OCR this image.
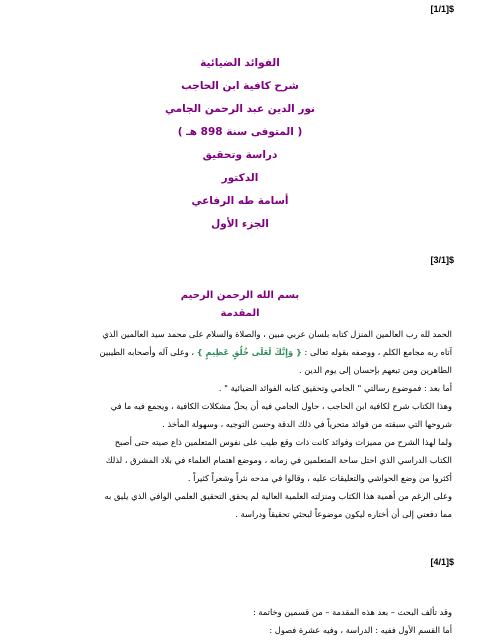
[1/1]$
الفوائد الضيائية
شرح كافية ابن الحاجب
نور الدين عبد الرحمن الجامي
( المتوفى سنة 898 هـ )
دراسة وتحقيق
الدكتور
أسامة طه الرفاعي
الجزء الأول
[3/1]$
بسم الله الرحمن الرحيم
المقدمة
الحمد لله رب العالمين المنزل كتابه بلسان عربي مبين ، والصلاة والسلام على محمد سيد العالمين الذي
آتاه ربه مجامع الكلم ، ووصفه بقوله تعالى : { وَإِنَّكَ لَعَلَى خُلُقٍ عَظِيمٍ } ، وعلى آله وأصحابه الطيبين
الطاهرين ومن تبعهم بإحسان إلى يوم الدين .
أما بعد : فموضوع رسالتي " الجامي وتحقيق كتابه الفوائد الضيائية " .
وهذا الكتاب شرح لكافية ابن الحاجب ، حاول الجامي فيه أن يحلّ مشكلات الكافية ، ويجمع فيه ما في
شروحها التي سبقته من فوائد متحرياً في ذلك الدقة وحسن التوجيه ، وسهولة المأخذ .
ولما لهذا الشرح من مميزات وفوائد كانت ذات وقع طيب على نفوس المتعلمين ذاع صيته حتى أصبح
الكتاب الدراسي الذي احتل ساحة المتعلمين في زمانه ، وموضع اهتمام العلماء في بلاد المشرق ، لذلك
أكثروا من وضع الحواشي والتعليقات عليه ، وقالوا في مدحه نثراً وشعراً كثيراً .
وعلى الرغم من أهمية هذا الكتاب ومنزلته العلمية العالية لم يحقق التحقيق العلمي الوافي الذي يليق به
مما دفعني إلى أن أختاره ليكون موضوعاً لبحثي تحقيقاً ودراسة .
[4/1]$
وقد تألف البحث – بعد هذه المقدمة – من قسمين وخاتمة :
أما القسم الأول ففيه : الدراسة ، وفيه عشرة فصول :
